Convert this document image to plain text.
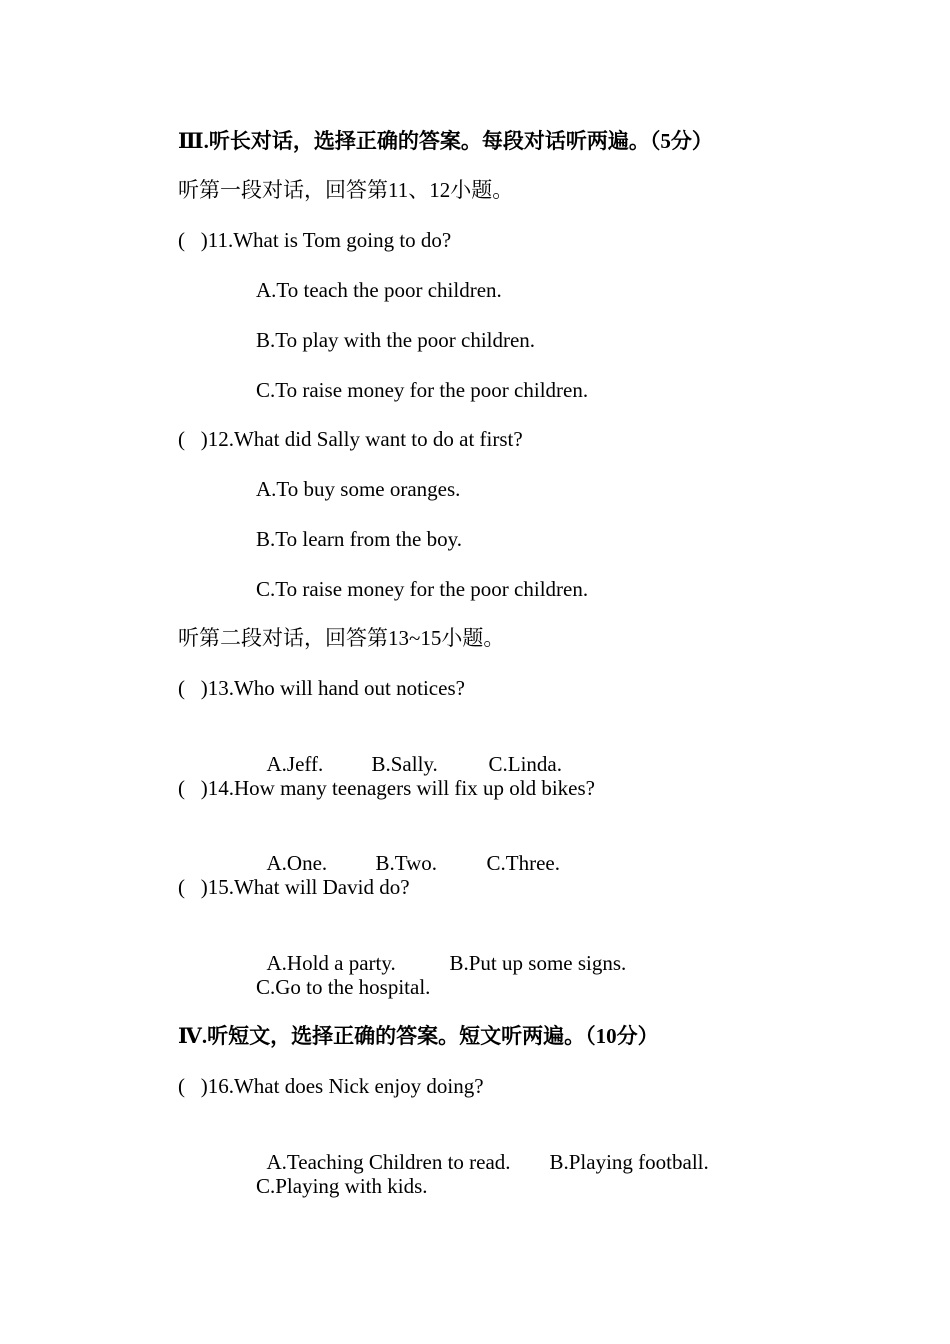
Ⅲ.听长对话，选择正确的答案。每段对话听两遍。（5分）
听第一段对话，回答第11、12小题。
(   )11.What is Tom going to do?
A.To teach the poor children.
B.To play with the poor children.
C.To raise money for the poor children.
(   )12.What did Sally want to do at first?
A.To buy some oranges.
B.To learn from the boy.
C.To raise money for the poor children.
听第二段对话，回答第13~15小题。
(   )13.Who will hand out notices?

A.Jeff. B.Sally. C.Linda.

(   )14.How many teenagers will fix up old bikes?

A.One. B.Two. C.Three.

(   )15.What will David do?

A.Hold a party.	B.Put up some signs.

C.Go to the hospital.
Ⅳ.听短文，选择正确的答案。短文听两遍。（10分）
(   )16.What does Nick enjoy doing?

A.Teaching Children to read. B.Playing football.

C.Playing with kids.
